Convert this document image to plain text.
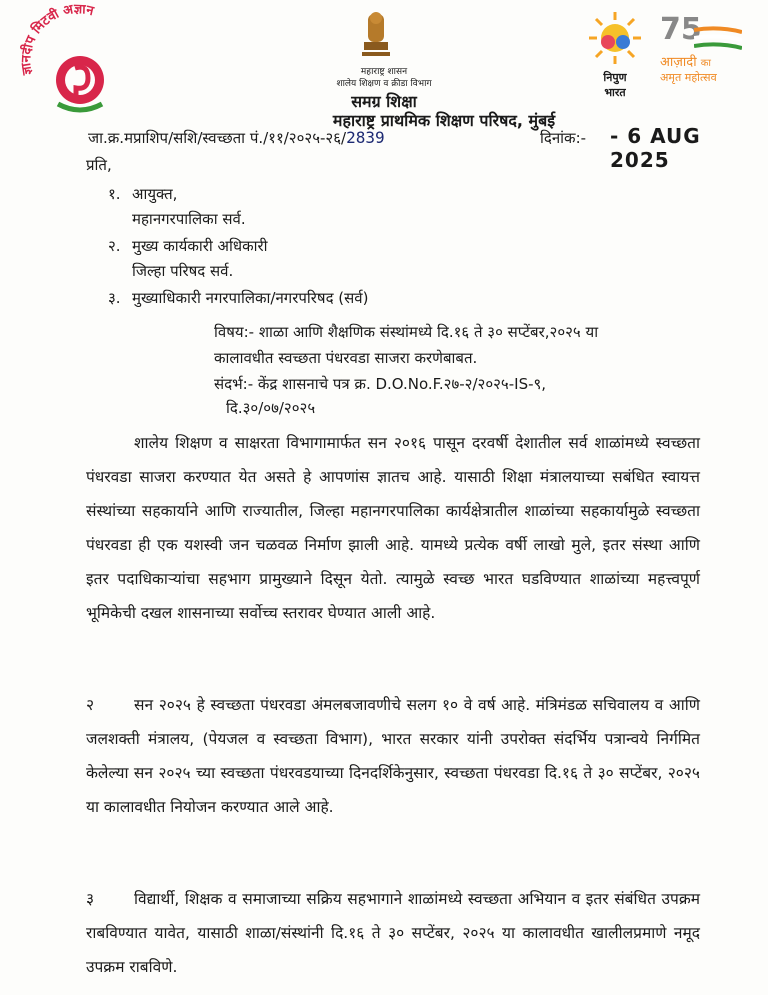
ज्ञानदीप मिटवी अज्ञान
महाराष्ट्र शासन
शालेय शिक्षण व क्रीडा विभाग
समग्र शिक्षा
महाराष्ट्र प्राथमिक शिक्षण परिषद, मुंबई
निपुण
भारत
75
आज़ादी का
अमृत महोत्सव
जा.क्र.मप्राशिप/सशि/स्वच्छता पं./११/२०२५-२६/2839	दिनांक:- - 6 AUG 2025
प्रति,
१. आयुक्त,
महानगरपालिका सर्व.
२. मुख्य कार्यकारी अधिकारी
जिल्हा परिषद सर्व.
३. मुख्याधिकारी नगरपालिका/नगरपरिषद (सर्व)
विषय:- शाळा आणि शैक्षणिक संस्थांमध्ये दि.१६ ते ३० सप्टेंबर,२०२५ या
कालावधीत स्वच्छता पंधरवडा साजरा करणेबाबत.
संदर्भ:- केंद्र शासनाचे पत्र क्र. D.O.No.F.२७-२/२०२५-IS-९,
दि.३०/०७/२०२५
शालेय शिक्षण व साक्षरता विभागामार्फत सन २०१६ पासून दरवर्षी देशातील सर्व शाळांमध्ये स्वच्छता पंधरवडा साजरा करण्यात येत असते हे आपणांस ज्ञातच आहे. यासाठी शिक्षा मंत्रालयाच्या सबंधित स्वायत्त संस्थांच्या सहकार्याने आणि राज्यातील, जिल्हा महानगरपालिका कार्यक्षेत्रातील शाळांच्या सहकार्यामुळे स्वच्छता पंधरवडा ही एक यशस्वी जन चळवळ निर्माण झाली आहे. यामध्ये प्रत्येक वर्षी लाखो मुले, इतर संस्था आणि इतर पदाधिकाऱ्यांचा सहभाग प्रामुख्याने दिसून येतो. त्यामुळे स्वच्छ भारत घडविण्यात शाळांच्या महत्त्वपूर्ण भूमिकेची दखल शासनाच्या सर्वोच्च स्तरावर घेण्यात आली आहे.
२	सन २०२५ हे स्वच्छता पंधरवडा अंमलबजावणीचे सलग १० वे वर्ष आहे. मंत्रिमंडळ सचिवालय व आणि जलशक्ती मंत्रालय, (पेयजल व स्वच्छता विभाग), भारत सरकार यांनी उपरोक्त संदर्भिय पत्रान्वये निर्गमित केलेल्या सन २०२५ च्या स्वच्छता पंधरवडयाच्या दिनदर्शिकेनुसार, स्वच्छता पंधरवडा दि.१६ ते ३० सप्टेंबर, २०२५ या कालावधीत नियोजन करण्यात आले आहे.
३	विद्यार्थी, शिक्षक व समाजाच्या सक्रिय सहभागाने शाळांमध्ये स्वच्छता अभियान व इतर संबंधित उपक्रम राबविण्यात यावेत, यासाठी शाळा/संस्थांनी दि.१६ ते ३० सप्टेंबर, २०२५ या कालावधीत खालीलप्रमाणे नमूद उपक्रम राबविणे.
